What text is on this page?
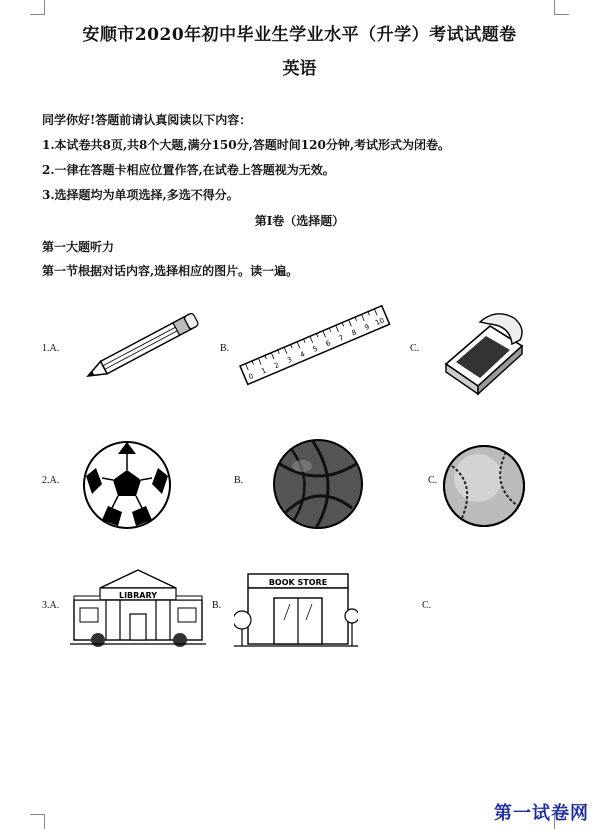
安顺市2020年初中毕业生学业水平（升学）考试试题卷
英语
同学你好!答题前请认真阅读以下内容：
1.本试卷共8页,共8个大题,满分150分,答题时间120分钟,考试形式为闭卷。
2.一律在答题卡相应位置作答,在试卷上答题视为无效。
3.选择题均为单项选择,多选不得分。
第I卷（选择题）
第一大题听力
第一节根据对话内容,选择相应的图片。读一遍。
1.A.	B.	C.
0
1
2
3
4
5
6
7
8
9
10
2.A.	B.	C.
3.A.	B.	C.
LIBRARY
BOOK STORE
第一试卷网
